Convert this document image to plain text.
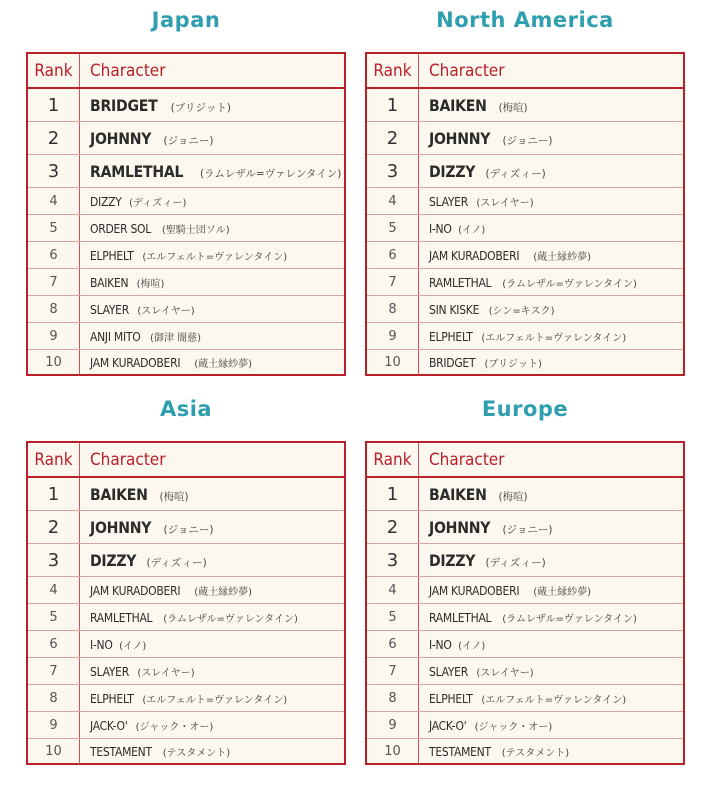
Japan
Rank	Character
1 BRIDGET (ブリジット)
2 JOHNNY (ジョニー)
3 RAMLETHAL (ラムレザル=ヴァレンタイン)
4	DIZZY (ディズィー)
5	ORDER SOL (聖騎士団ソル)
6	ELPHELT (エルフェルト=ヴァレンタイン)
7	BAIKEN (梅喧)
8	SLAYER (スレイヤー)
9	ANJI MITO (御津 闇慈)
10 JAM KURADOBERI (蔵土縁紗夢)
North America
Rank	Character
1 BAIKEN (梅喧)
2 JOHNNY (ジョニー)
3 DIZZY (ディズィー)
4	SLAYER (スレイヤー)
5	I-NO (イノ)
6	JAM KURADOBERI (蔵土縁紗夢)
7	RAMLETHAL (ラムレザル=ヴァレンタイン)
8	SIN KISKE (シン=キスク)
9	ELPHELT (エルフェルト=ヴァレンタイン)
10 BRIDGET (ブリジット)
Asia
Rank	Character
1 BAIKEN (梅喧)
2 JOHNNY (ジョニー)
3 DIZZY (ディズィー)
4	JAM KURADOBERI (蔵土縁紗夢)
5	RAMLETHAL (ラムレザル=ヴァレンタイン)
6	I-NO (イノ)
7	SLAYER (スレイヤー)
8	ELPHELT (エルフェルト=ヴァレンタイン)
9	JACK-O' (ジャック・オー)
10 TESTAMENT (テスタメント)
Europe
Rank	Character
1 BAIKEN (梅喧)
2 JOHNNY (ジョニー)
3 DIZZY (ディズィー)
4	JAM KURADOBERI (蔵土縁紗夢)
5	RAMLETHAL (ラムレザル=ヴァレンタイン)
6	I-NO (イノ)
7	SLAYER (スレイヤー)
8	ELPHELT (エルフェルト=ヴァレンタイン)
9	JACK-O' (ジャック・オー)
10 TESTAMENT (テスタメント)
